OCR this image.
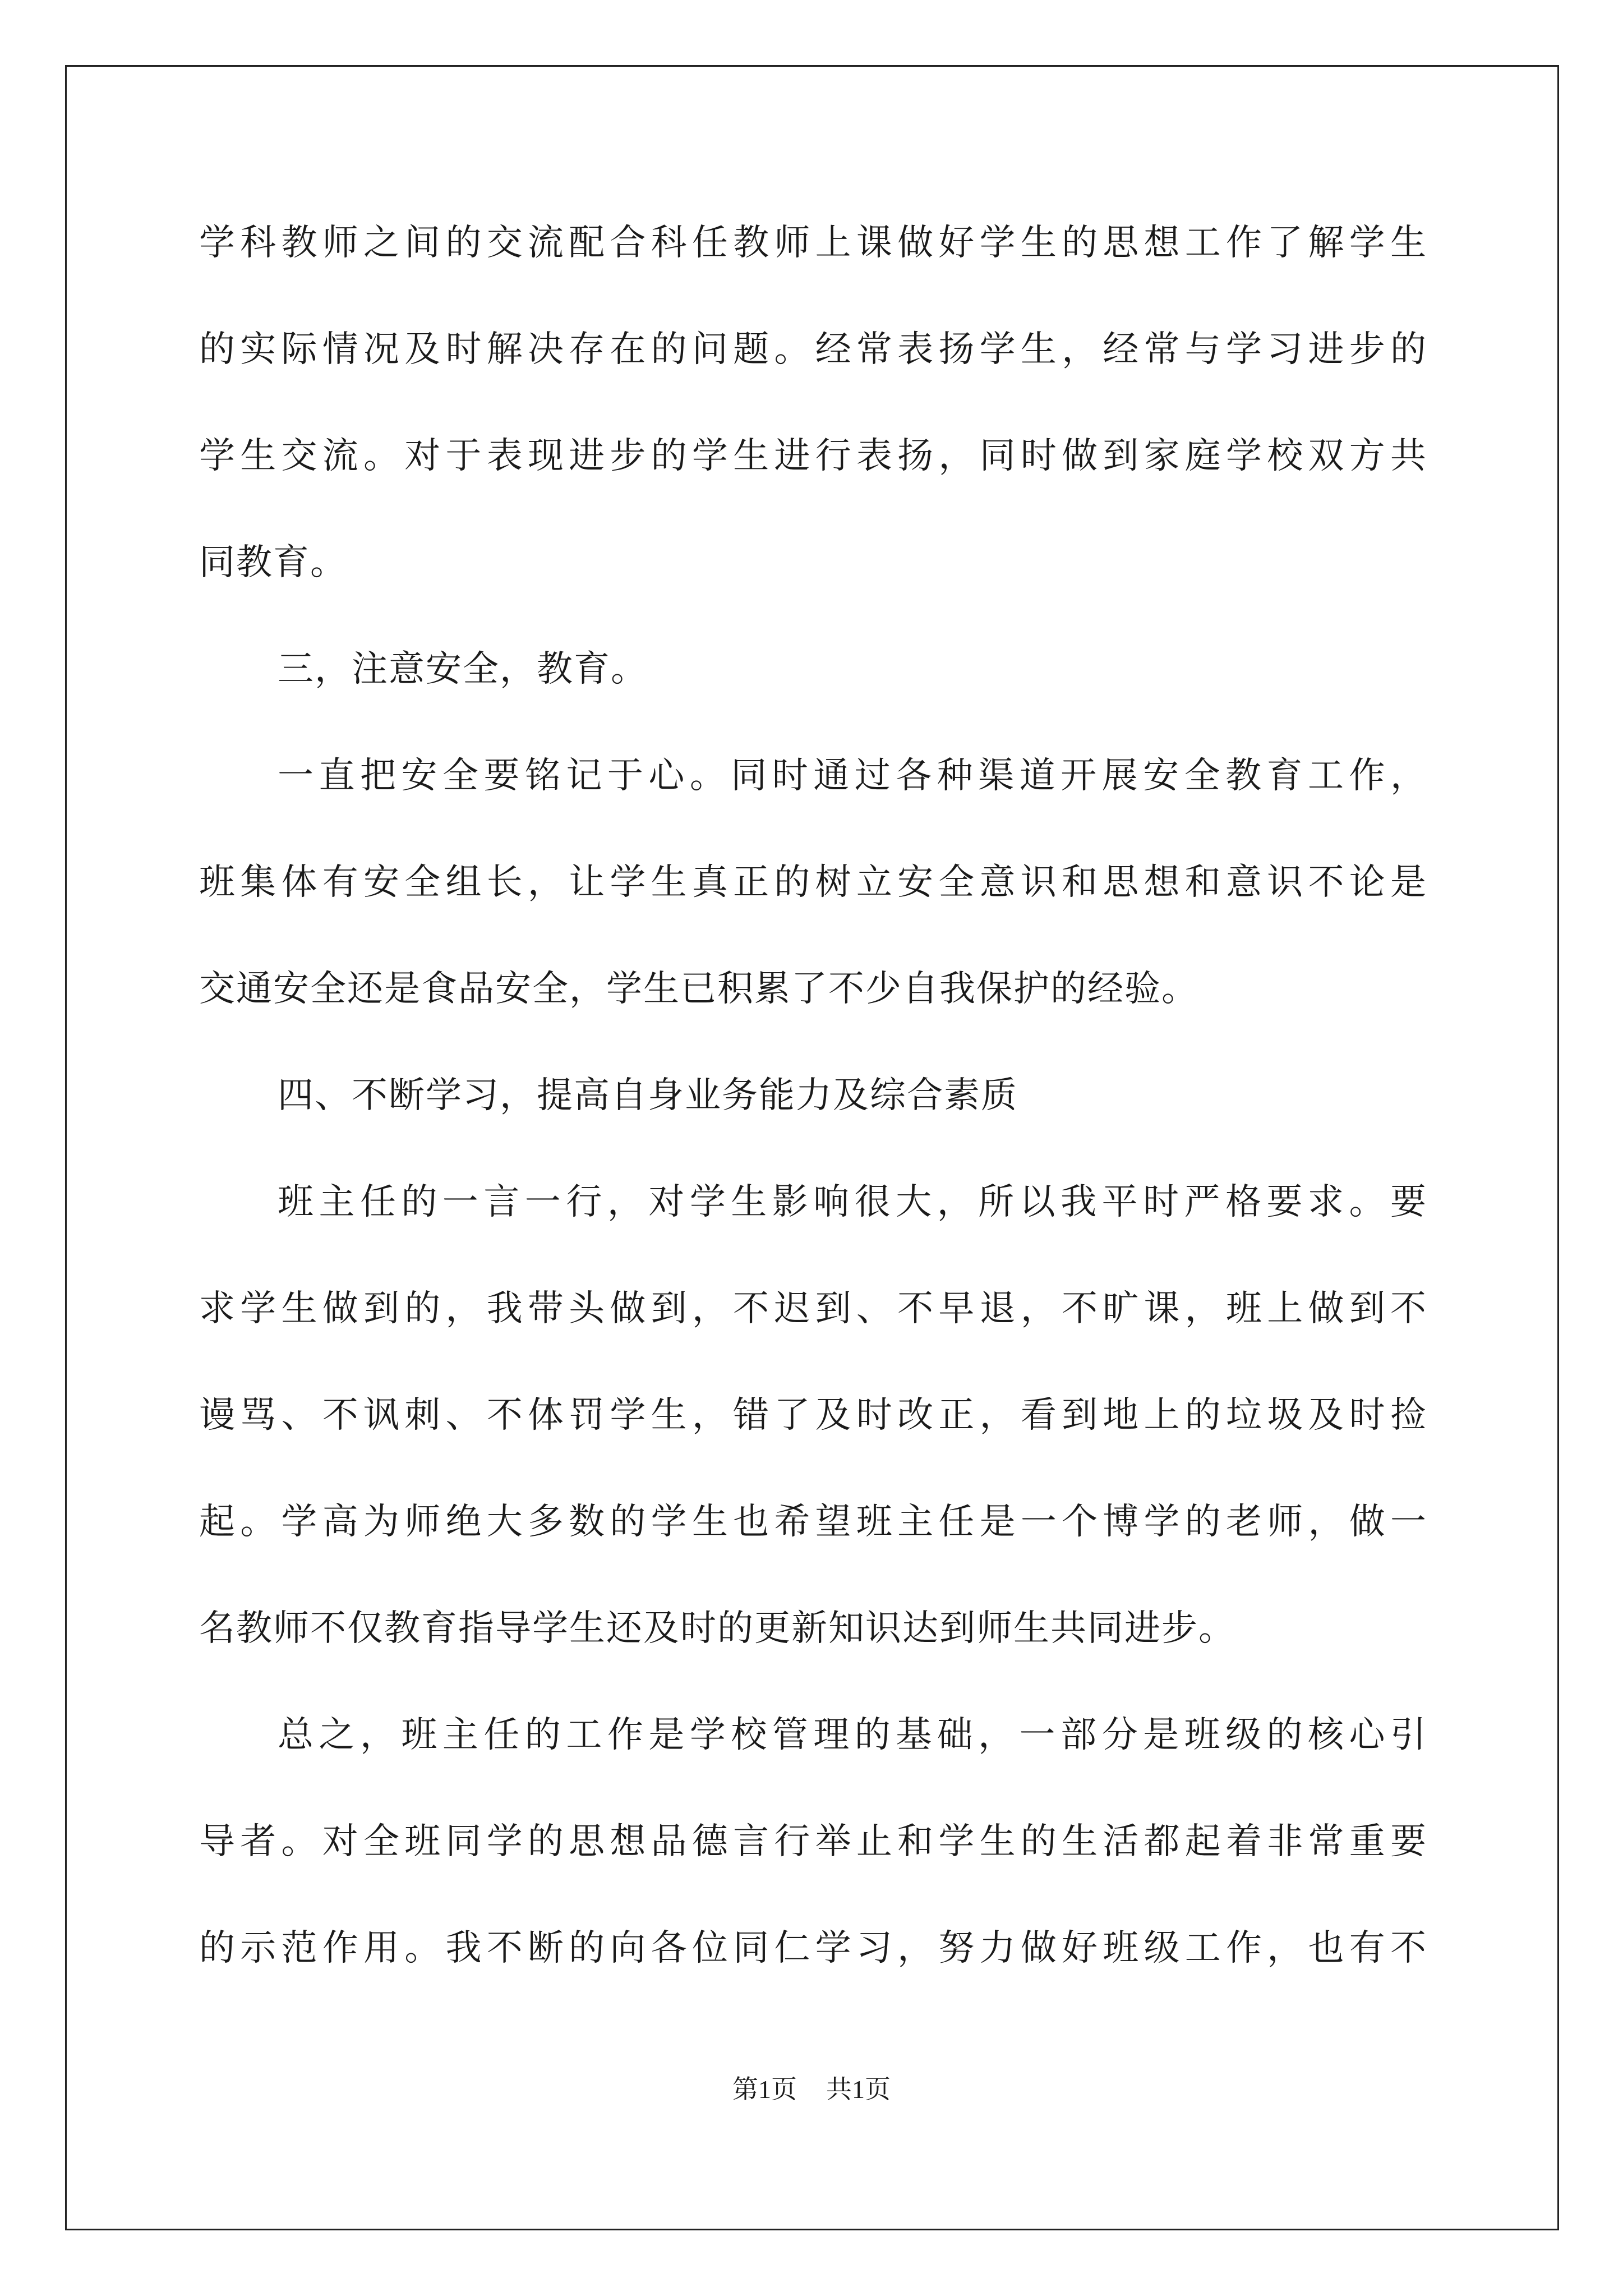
学科教师之间的交流配合科任教师上课做好学生的思想工作了解学生
的实际情况及时解决存在的问题。经常表扬学生，经常与学习进步的
学生交流。对于表现进步的学生进行表扬，同时做到家庭学校双方共
同教育。
三，注意安全，教育。
一直把安全要铭记于心。同时通过各种渠道开展安全教育工作，
班集体有安全组长，让学生真正的树立安全意识和思想和意识不论是
交通安全还是食品安全，学生已积累了不少自我保护的经验。
四、不断学习，提高自身业务能力及综合素质
班主任的一言一行，对学生影响很大，所以我平时严格要求。要
求学生做到的，我带头做到，不迟到、不早退，不旷课，班上做到不
谩骂、不讽刺、不体罚学生，错了及时改正，看到地上的垃圾及时捡
起。学高为师绝大多数的学生也希望班主任是一个博学的老师，做一
名教师不仅教育指导学生还及时的更新知识达到师生共同进步。
总之，班主任的工作是学校管理的基础，一部分是班级的核心引
导者。对全班同学的思想品德言行举止和学生的生活都起着非常重要
的示范作用。我不断的向各位同仁学习，努力做好班级工作，也有不
第1页 共1页
